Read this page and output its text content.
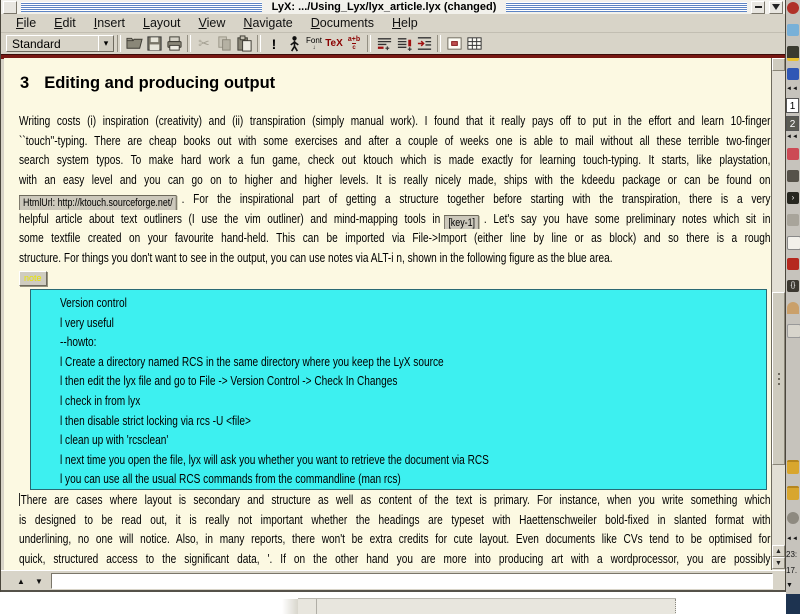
LyX: .../Using_Lyx/lyx_article.lyx (changed)
File	Edit	Insert	Layout	View	Navigate	Documents	Help
Standard	▾	✂	!	Font
↓ TeX $\frac{a+b}{c}$
3 Editing and producing output
Writing costs (i) inspiration (creativity) and (ii) transpiration (simply manual work). I found that it really pays off to put in the effort and learn 10-finger
``touch''-typing. There are cheap books out with some exercises and after a couple of weeks one is able to mail without all these terrible two-finger
search system typos. To make hard work a fun game, check out ktouch which is made exactly for learning touch-typing. It starts, like playstation,
with an easy level and you can go on to higher and higher levels. It is really nicely made, ships with the kdeedu package or can be found on
HtmlUrl: http://ktouch.sourceforge.net/ . For the inspirational part of getting a structure together before starting with the transpiration, there is a very
helpful article about text outliners (I use the vim outliner) and mind-mapping tools in [key-1] . Let's say you have some preliminary notes which sit in
some textfile created on your favourite hand-held. This can be imported via File->Import (either line by line or as block) and so there is a rough
structure. For things you don't want to see in the output, you can use notes via ALT-i n, shown in the following figure as the blue area.
note
Version control
l very useful
--howto:
l Create a directory named RCS in the same directory where you keep the LyX source
l then edit the lyx file and go to File -> Version Control -> Check In Changes
l check in from lyx
l then disable strict locking via rcs -U <file>
l clean up with 'rcsclean'
l next time you open the file, lyx will ask you whether you want to retrieve the document via RCS
l you can use all the usual RCS commands from the commandline (man rcs)
There are cases where layout is secondary and structure as well as content of the text is primary. For instance, when you write something which
is designed to be read out, it is really not important whether the headings are typeset with Haettenschweiler bold-fixed in slanted format with
underlining, no one will notice. Also, in many reports, there won't be extra credits for cute layout. Even documents like CVs tend to be optimised for
quick, structured access to the significant data, '. If on the other hand you are more into producing art with a wordprocessor, you are possibly
▲
▼
▲	▼
◄◄
1
2
◄◄
›
{}
◄◄
23:
17.
▼
